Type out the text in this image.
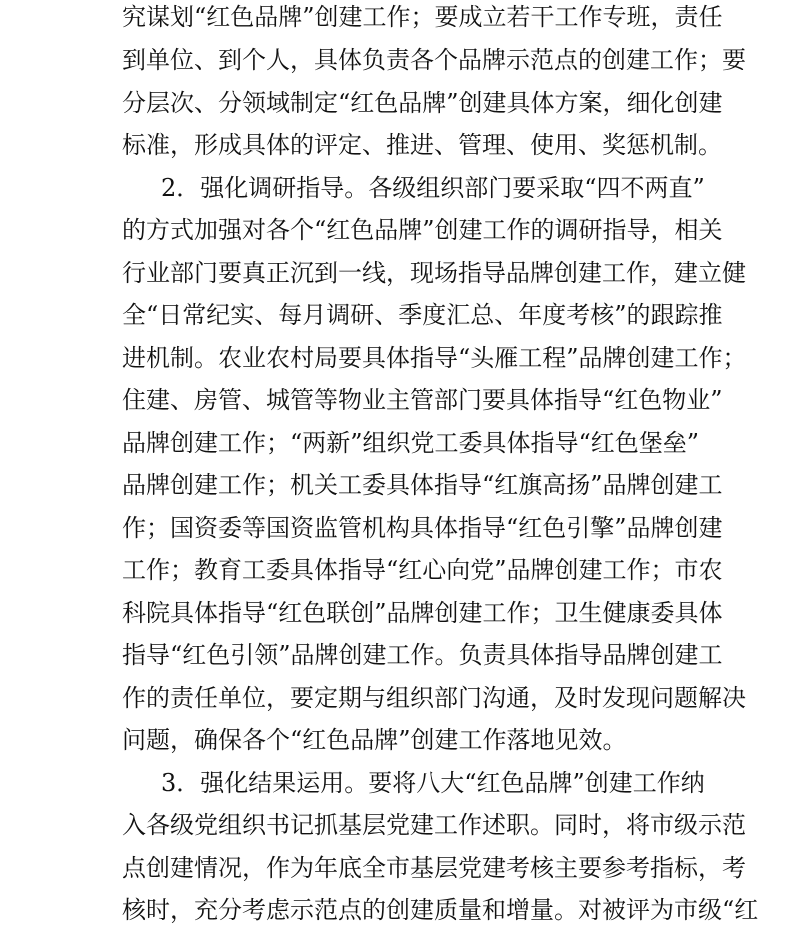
究谋划“红色品牌”创建工作；要成立若干工作专班，责任
到单位、到个人，具体负责各个品牌示范点的创建工作；要
分层次、分领域制定“红色品牌”创建具体方案，细化创建
标准，形成具体的评定、推进、管理、使用、奖惩机制。
2．强化调研指导。各级组织部门要采取“四不两直”
的方式加强对各个“红色品牌”创建工作的调研指导，相关
行业部门要真正沉到一线，现场指导品牌创建工作，建立健
全“日常纪实、每月调研、季度汇总、年度考核”的跟踪推
进机制。农业农村局要具体指导“头雁工程”品牌创建工作；
住建、房管、城管等物业主管部门要具体指导“红色物业”
品牌创建工作；“两新”组织党工委具体指导“红色堡垒”
品牌创建工作；机关工委具体指导“红旗高扬”品牌创建工
作；国资委等国资监管机构具体指导“红色引擎”品牌创建
工作；教育工委具体指导“红心向党”品牌创建工作；市农
科院具体指导“红色联创”品牌创建工作；卫生健康委具体
指导“红色引领”品牌创建工作。负责具体指导品牌创建工
作的责任单位，要定期与组织部门沟通，及时发现问题解决
问题，确保各个“红色品牌”创建工作落地见效。
3．强化结果运用。要将八大“红色品牌”创建工作纳
入各级党组织书记抓基层党建工作述职。同时，将市级示范
点创建情况，作为年底全市基层党建考核主要参考指标，考
核时，充分考虑示范点的创建质量和增量。对被评为市级“红
